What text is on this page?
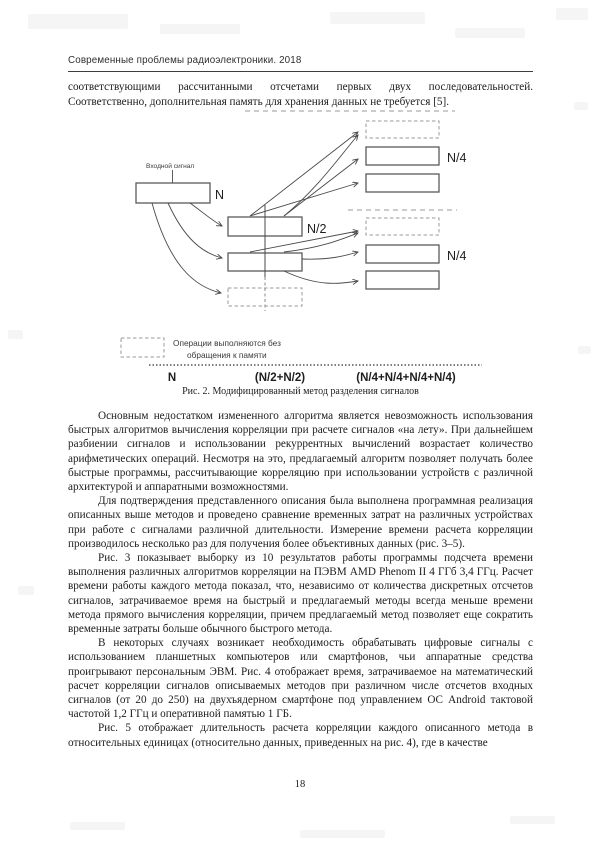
Современные проблемы радиоэлектроники. 2018

соответствующими рассчитанными отсчетами первых двух последовательностей. Соответственно, дополнительная память для хранения данных не требуется [5].

Входной сигнал
N
N/2
N/4
N/4
Операции выполняются без
обращения к памяти
N	(N/2+N/2)	(N/4+N/4+N/4+N/4)
Рис. 2. Модифицированный метод разделения сигналов

Основным недостатком измененного алгоритма является невозможность использования быстрых алгоритмов вычисления корреляции при расчете сигналов «на лету». При дальнейшем разбиении сигналов и использовании рекуррентных вычислений возрастает количество арифметических операций. Несмотря на это, предлагаемый алгоритм позволяет получать более быстрые программы, рассчитывающие корреляцию при использовании устройств с различной архитектурой и аппаратными возможностями.

Для подтверждения представленного описания была выполнена программная реализация описанных выше методов и проведено сравнение временных затрат на различных устройствах при работе с сигналами различной длительности. Измерение времени расчета корреляции производилось несколько раз для получения более объективных данных (рис. 3–5).

Рис. 3 показывает выборку из 10 результатов работы программы подсчета времени выполнения различных алгоритмов корреляции на ПЭВМ AMD Phenom II 4 ГГб 3,4 ГГц. Расчет времени работы каждого метода показал, что, независимо от количества дискретных отсчетов сигналов, затрачиваемое время на быстрый и предлагаемый методы всегда меньше времени метода прямого вычисления корреляции, причем предлагаемый метод позволяет еще сократить временные затраты больше обычного быстрого метода.

В некоторых случаях возникает необходимость обрабатывать цифровые сигналы с использованием планшетных компьютеров или смартфонов, чьи аппаратные средства проигрывают персональным ЭВМ. Рис. 4 отображает время, затрачиваемое на математический расчет корреляции сигналов описываемых методов при различном числе отсчетов входных сигналов (от 20 до 250) на двухъядерном смартфоне под управлением ОС Android тактовой частотой 1,2 ГГц и оперативной памятью 1 ГБ.

Рис. 5 отображает длительность расчета корреляции каждого описанного метода в относительных единицах (относительно данных, приведенных на рис. 4), где в качестве

18
